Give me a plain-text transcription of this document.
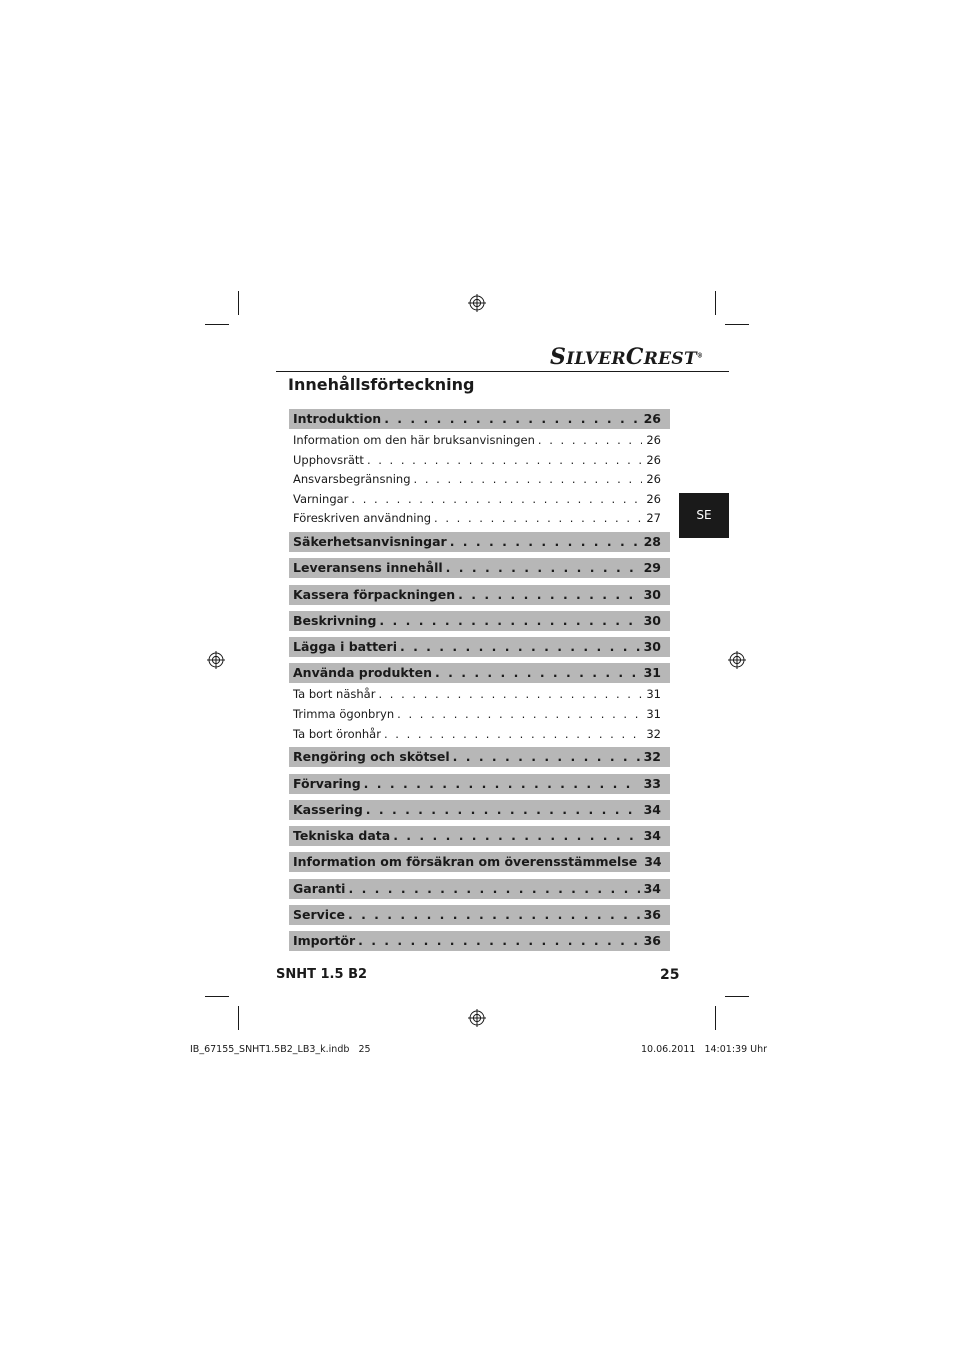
SILVERCREST®
Innehållsförteckning
Introduktion . . .	26
Information om den här bruksanvisningen . . .	26
Upphovsrätt . . .	26
Ansvarsbegränsning . . .	26
Varningar . . .	26
Föreskriven användning . . .	27
Säkerhetsanvisningar . . .	28
Leveransens innehåll . . .	29
Kassera förpackningen . . .	30
Beskrivning . . .	30
Lägga i batteri . . .	30
Använda produkten . . .	31
Ta bort näshår . . .	31
Trimma ögonbryn . . .	31
Ta bort öronhår . . .	32
Rengöring och skötsel . . .	32
Förvaring . . .	33
Kassering . . .	34
Tekniska data . . .	34
Information om försäkran om överensstämmelse 34
Garanti . . .	34
Service . . .	36
Importör . . .	36
SE
SNHT 1.5 B2	25
IB_67155_SNHT1.5B2_LB3_k.indb   25	10.06.2011   14:01:39 Uhr
